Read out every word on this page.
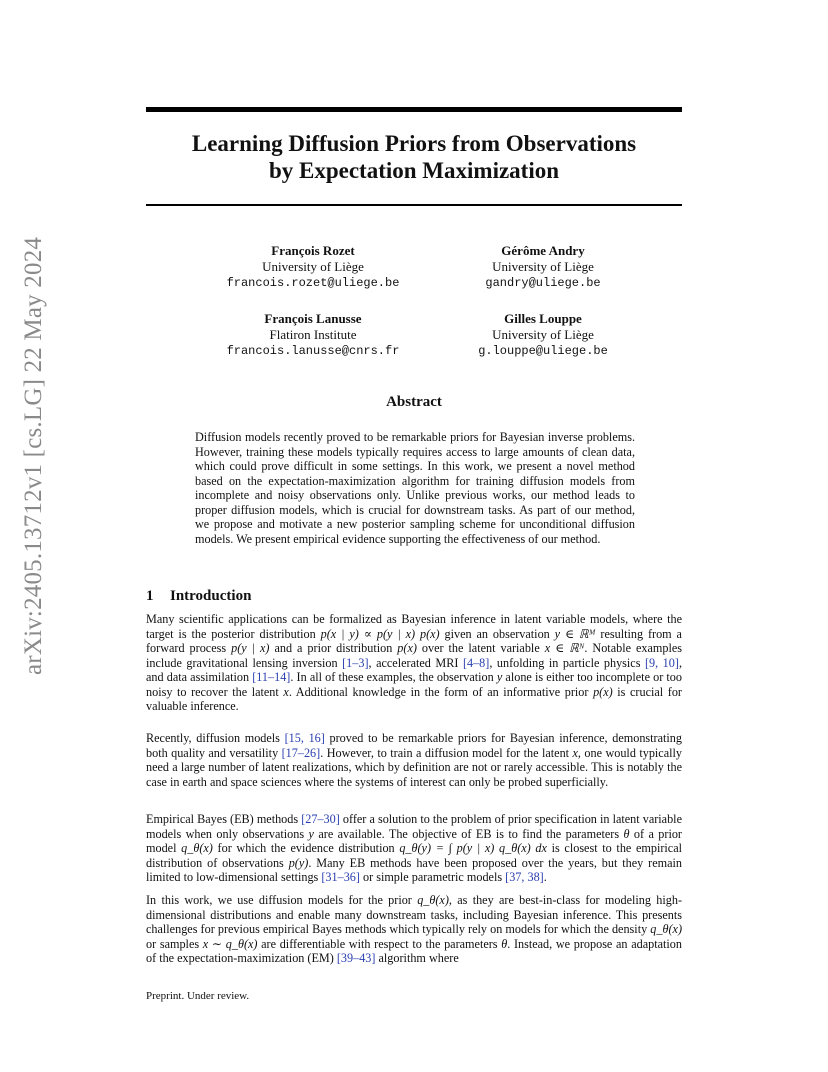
arXiv:2405.13712v1 [cs.LG] 22 May 2024
Learning Diffusion Priors from Observations
by Expectation Maximization
François Rozet
University of Liège
francois.rozet@uliege.be
Gérôme Andry
University of Liège
gandry@uliege.be
François Lanusse
Flatiron Institute
francois.lanusse@cnrs.fr
Gilles Louppe
University of Liège
g.louppe@uliege.be
Abstract
Diffusion models recently proved to be remarkable priors for Bayesian inverse problems. However, training these models typically requires access to large amounts of clean data, which could prove difficult in some settings. In this work, we present a novel method based on the expectation-maximization algorithm for training diffusion models from incomplete and noisy observations only. Unlike previous works, our method leads to proper diffusion models, which is crucial for downstream tasks. As part of our method, we propose and motivate a new posterior sampling scheme for unconditional diffusion models. We present empirical evidence supporting the effectiveness of our method.
1 Introduction

Many scientific applications can be formalized as Bayesian inference in latent variable models, where the target is the posterior distribution p(x | y) ∝ p(y | x) p(x) given an observation y ∈ ℝᴹ resulting from a forward process p(y | x) and a prior distribution p(x) over the latent variable x ∈ ℝᴺ. Notable examples include gravitational lensing inversion [1–3], accelerated MRI [4–8], unfolding in particle physics [9, 10], and data assimilation [11–14]. In all of these examples, the observation y alone is either too incomplete or too noisy to recover the latent x. Additional knowledge in the form of an informative prior p(x) is crucial for valuable inference.

Recently, diffusion models [15, 16] proved to be remarkable priors for Bayesian inference, demonstrating both quality and versatility [17–26]. However, to train a diffusion model for the latent x, one would typically need a large number of latent realizations, which by definition are not or rarely accessible. This is notably the case in earth and space sciences where the systems of interest can only be probed superficially.

Empirical Bayes (EB) methods [27–30] offer a solution to the problem of prior specification in latent variable models when only observations y are available. The objective of EB is to find the parameters θ of a prior model q_θ(x) for which the evidence distribution q_θ(y) = ∫ p(y | x) q_θ(x) dx is closest to the empirical distribution of observations p(y). Many EB methods have been proposed over the years, but they remain limited to low-dimensional settings [31–36] or simple parametric models [37, 38].

In this work, we use diffusion models for the prior q_θ(x), as they are best-in-class for modeling high-dimensional distributions and enable many downstream tasks, including Bayesian inference. This presents challenges for previous empirical Bayes methods which typically rely on models for which the density q_θ(x) or samples x ∼ q_θ(x) are differentiable with respect to the parameters θ. Instead, we propose an adaptation of the expectation-maximization (EM) [39–43] algorithm where

Preprint. Under review.
